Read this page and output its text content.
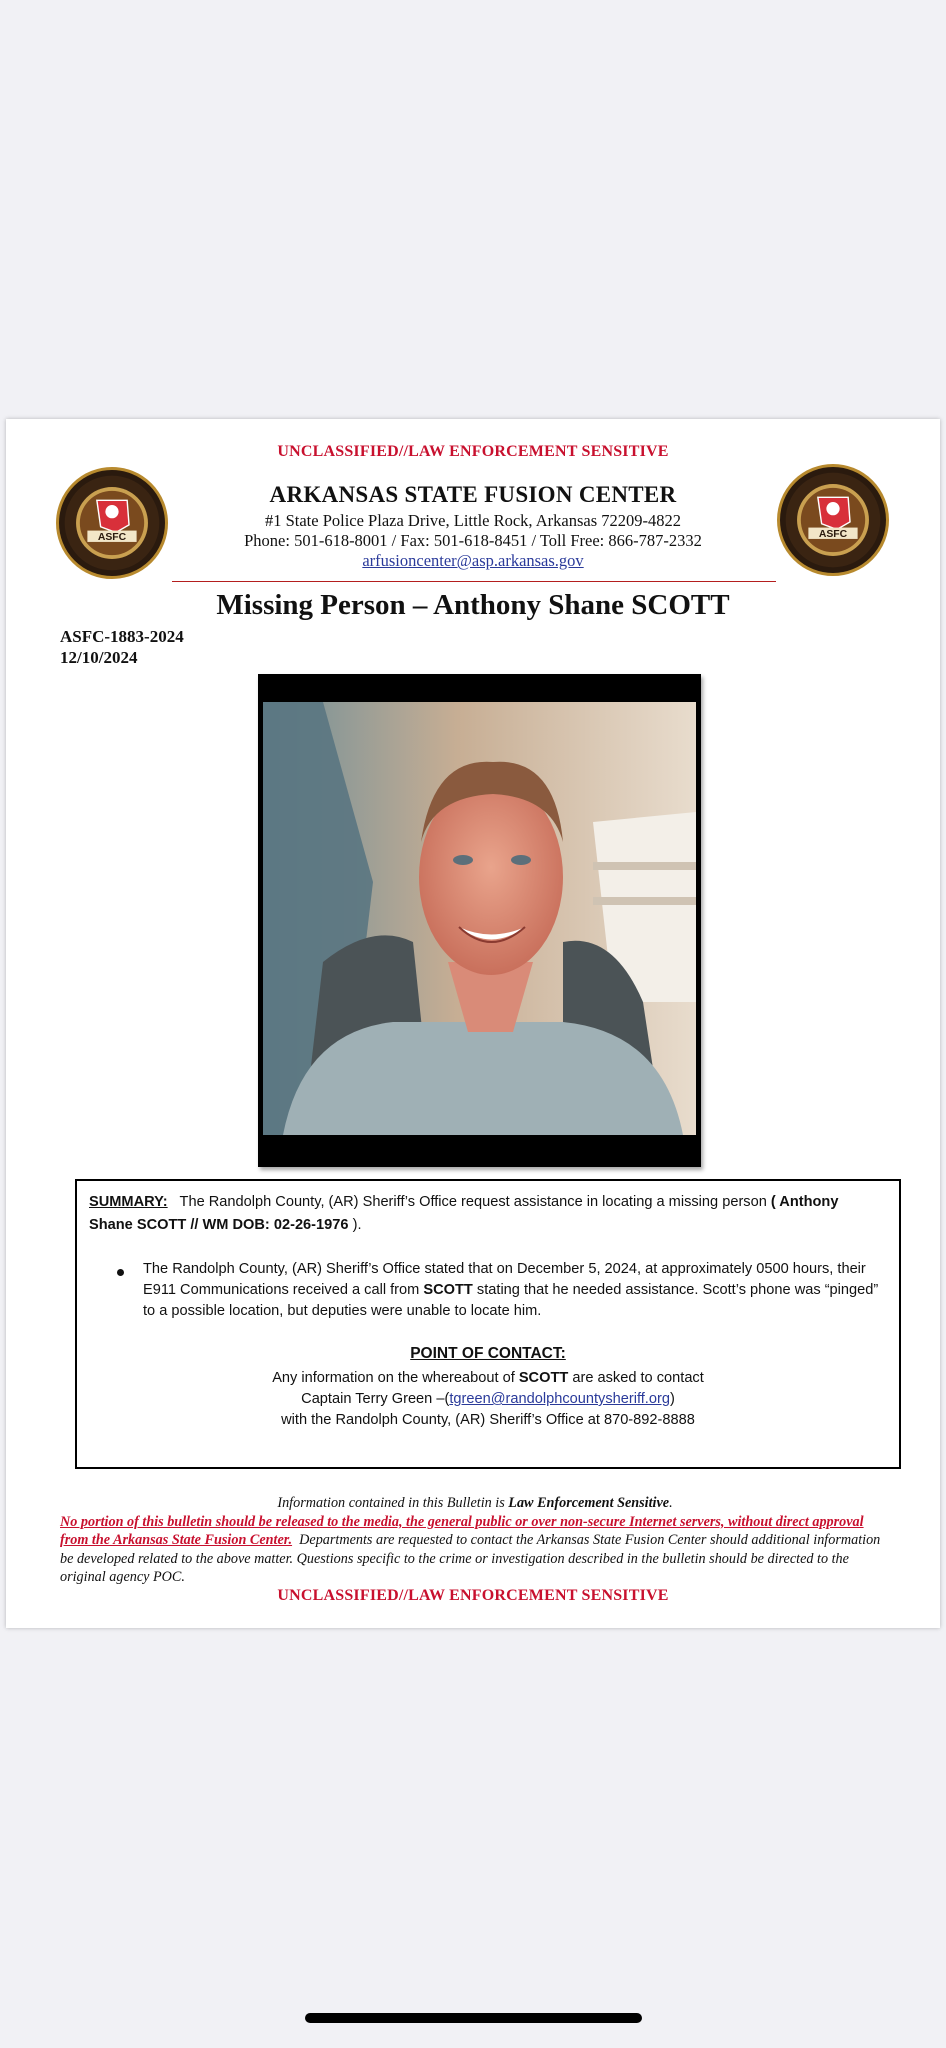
UNCLASSIFIED//LAW ENFORCEMENT SENSITIVE
ASFC	ASFC
ARKANSAS STATE FUSION CENTER
#1 State Police Plaza Drive, Little Rock, Arkansas 72209-4822
Phone: 501-618-8001 / Fax: 501-618-8451 / Toll Free: 866-787-2332
arfusioncenter@asp.arkansas.gov
Missing Person – Anthony Shane SCOTT
ASFC-1883-2024
12/10/2024
SUMMARY: The Randolph County, (AR) Sheriff’s Office request assistance in locating a missing person ( Anthony Shane SCOTT // WM DOB: 02-26-1976 ).
The Randolph County, (AR) Sheriff’s Office stated that on December 5, 2024, at approximately 0500 hours, their E911 Communications received a call from SCOTT stating that he needed assistance. Scott’s phone was “pinged” to a possible location, but deputies were unable to locate him.
POINT OF CONTACT:
Any information on the whereabout of SCOTT are asked to contact
Captain Terry Green –(tgreen@randolphcountysheriff.org)
with the Randolph County, (AR) Sheriff’s Office at 870-892-8888
Information contained in this Bulletin is Law Enforcement Sensitive.
No portion of this bulletin should be released to the media, the general public or over non-secure Internet servers, without direct approval from the Arkansas State Fusion Center. Departments are requested to contact the Arkansas State Fusion Center should additional information be developed related to the above matter. Questions specific to the crime or investigation described in the bulletin should be directed to the original agency POC.
UNCLASSIFIED//LAW ENFORCEMENT SENSITIVE
